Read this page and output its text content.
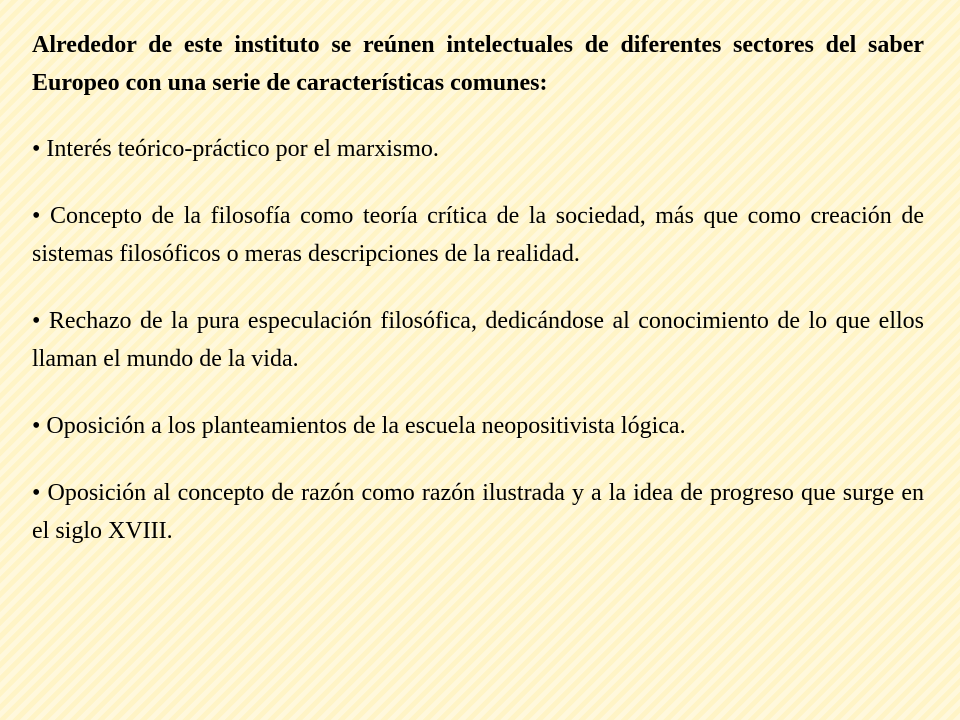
Alrededor de este instituto se reúnen intelectuales de diferentes sectores del saber Europeo con una serie de características comunes:

• Interés teórico-práctico por el marxismo.

• Concepto de la filosofía como teoría crítica de la sociedad, más que como creación de sistemas filosóficos o meras descripciones de la realidad.

• Rechazo de la pura especulación filosófica, dedicándose al conocimiento de lo que ellos llaman el mundo de la vida.

• Oposición a los planteamientos de la escuela neopositivista lógica.

• Oposición al concepto de razón como razón ilustrada y a la idea de progreso que surge en el siglo XVIII.
